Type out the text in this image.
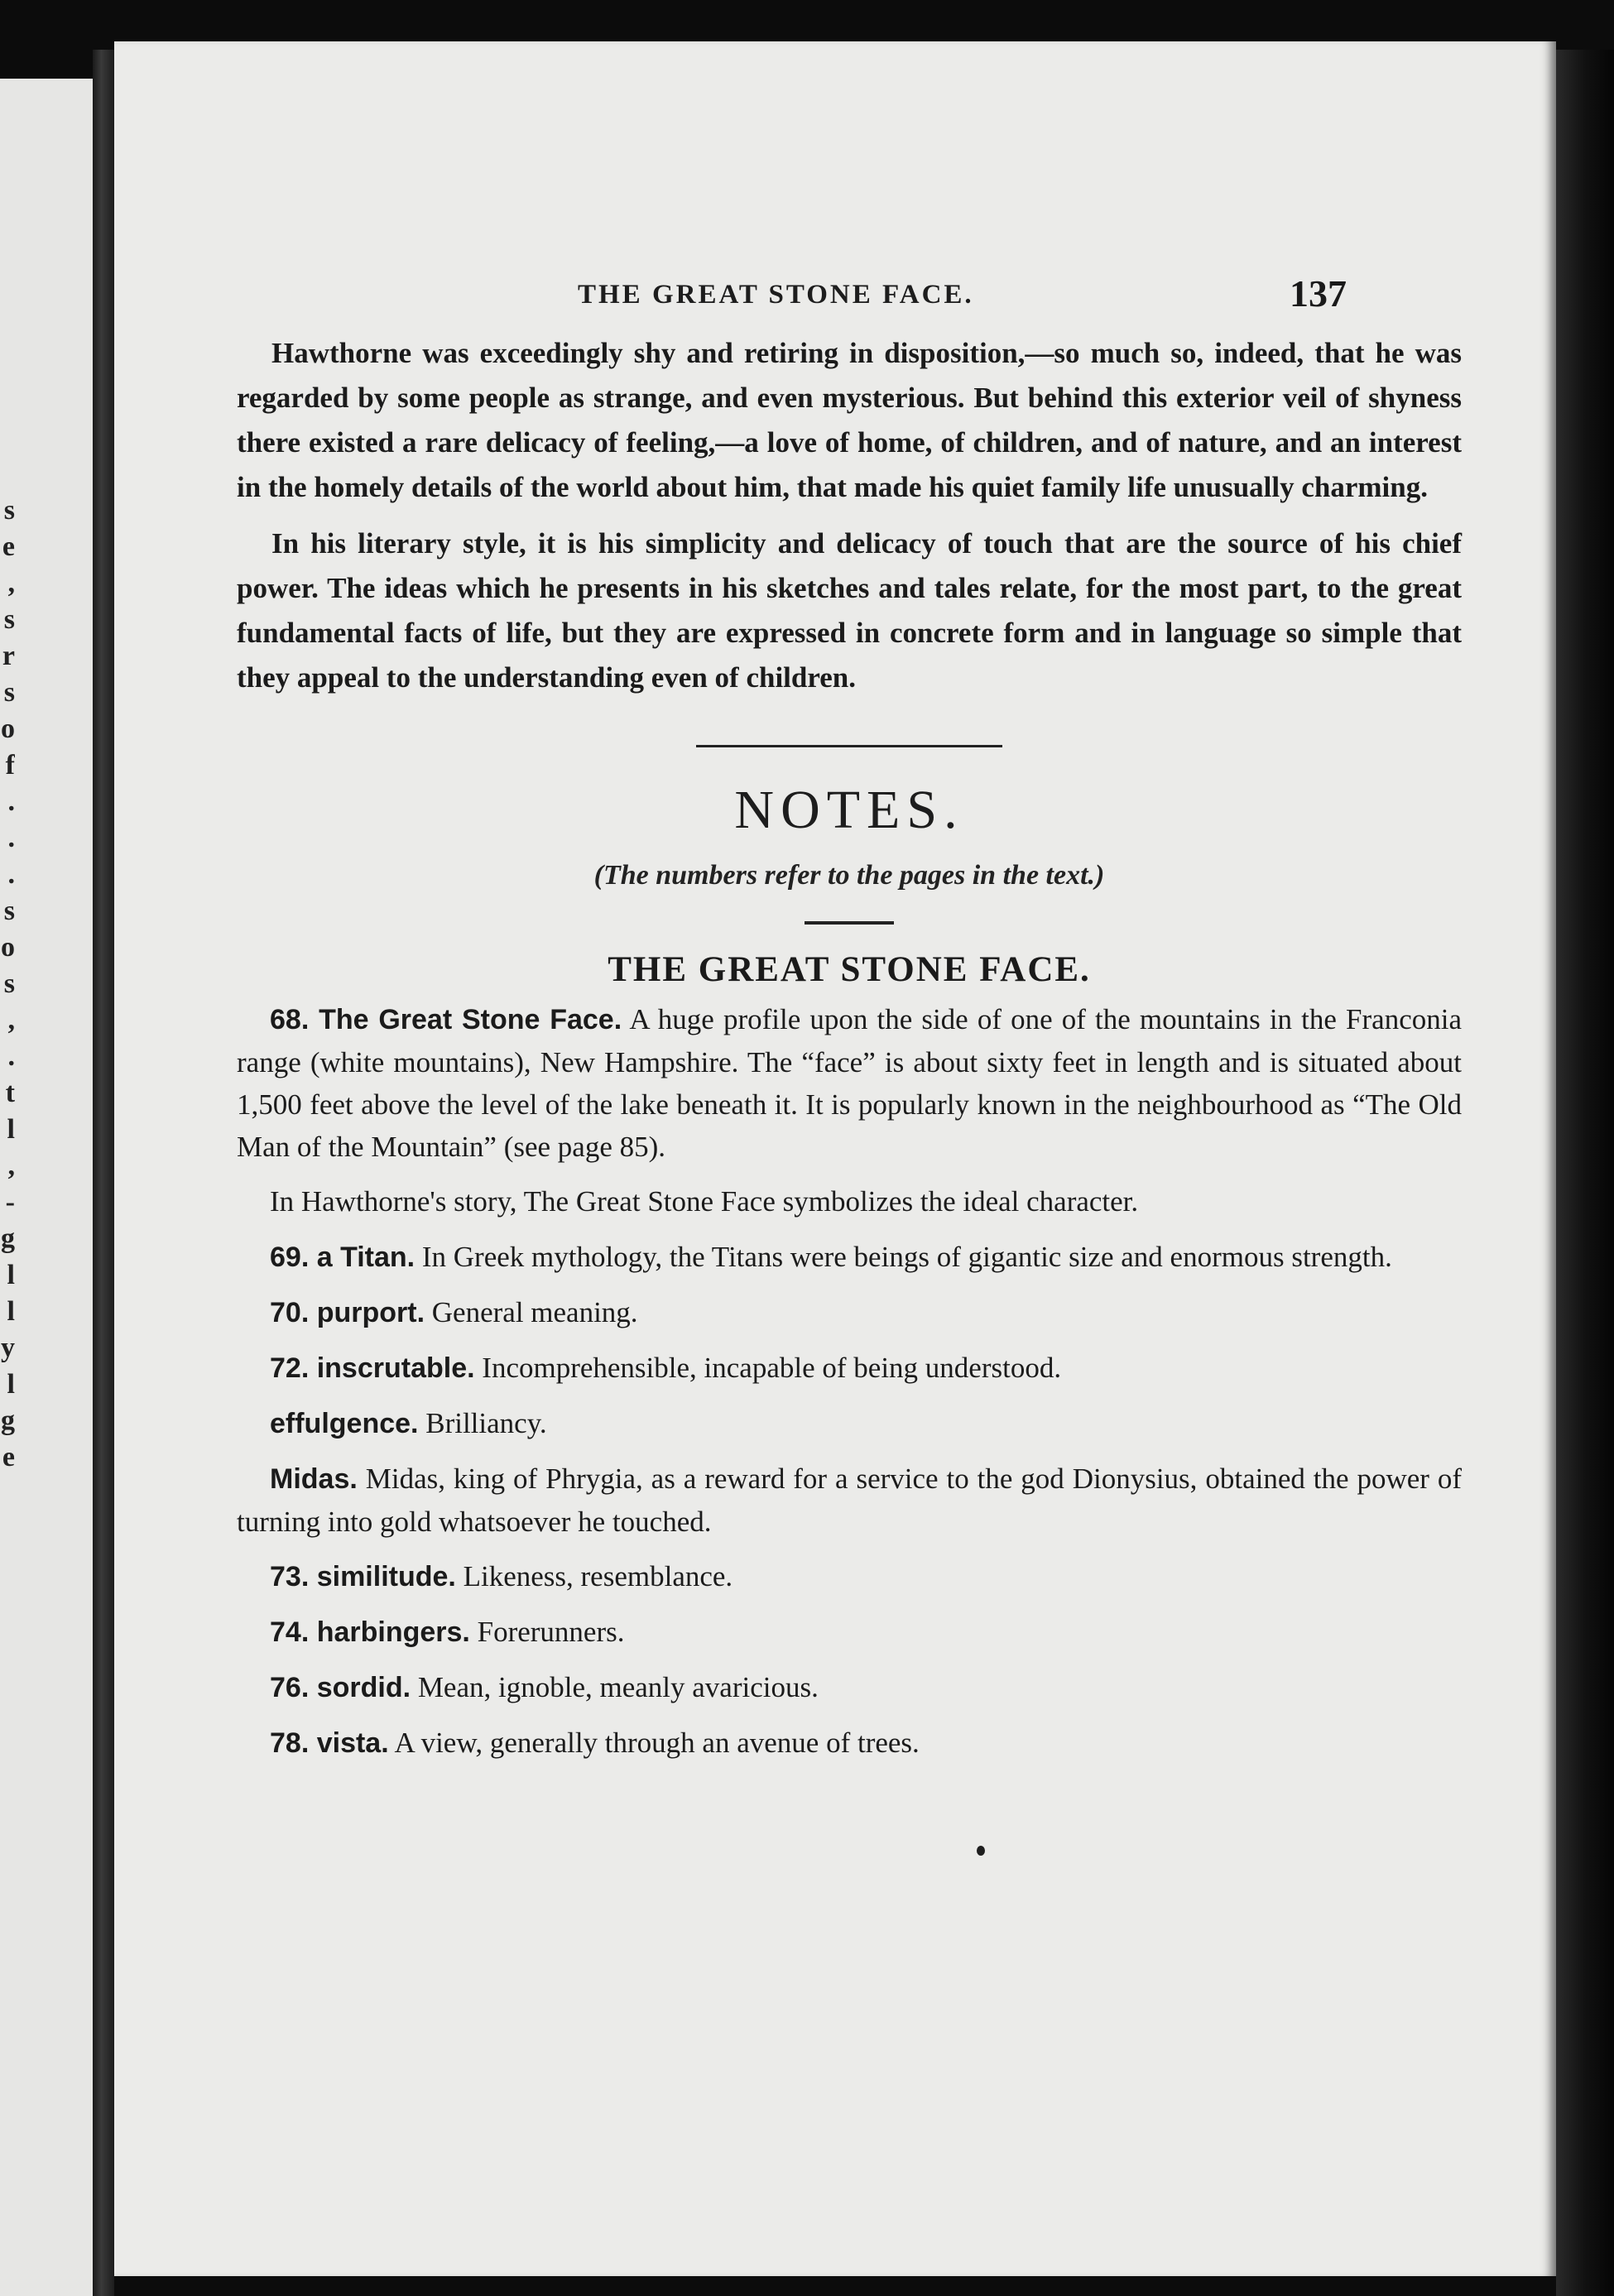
s
e
,
s
r
s
o
f
.
.
.
s
o
s
,
.
t
l
,
-
g
l
l
y
l
g
e
THE GREAT STONE FACE.	137

Hawthorne was exceedingly shy and retiring in disposition,—so much so, indeed, that he was regarded by some people as strange, and even mysterious. But behind this exterior veil of shyness there existed a rare delicacy of feeling,—a love of home, of children, and of nature, and an interest in the homely details of the world about him, that made his quiet family life unusually charming.

In his literary style, it is his simplicity and delicacy of touch that are the source of his chief power. The ideas which he presents in his sketches and tales relate, for the most part, to the great fundamental facts of life, but they are expressed in concrete form and in language so simple that they appeal to the understanding even of children.

NOTES.

(The numbers refer to the pages in the text.)

THE GREAT STONE FACE.

68. The Great Stone Face. A huge profile upon the side of one of the mountains in the Franconia range (white mountains), New Hampshire. The “face” is about sixty feet in length and is situated about 1,500 feet above the level of the lake beneath it. It is popularly known in the neighbourhood as “The Old Man of the Mountain” (see page 85).

In Hawthorne's story, The Great Stone Face symbolizes the ideal character.

69. a Titan. In Greek mythology, the Titans were beings of gigantic size and enormous strength.

70. purport. General meaning.

72. inscrutable. Incomprehensible, incapable of being understood.

effulgence. Brilliancy.

Midas. Midas, king of Phrygia, as a reward for a service to the god Dionysius, obtained the power of turning into gold whatsoever he touched.

73. similitude. Likeness, resemblance.

74. harbingers. Forerunners.

76. sordid. Mean, ignoble, meanly avaricious.

78. vista. A view, generally through an avenue of trees.
